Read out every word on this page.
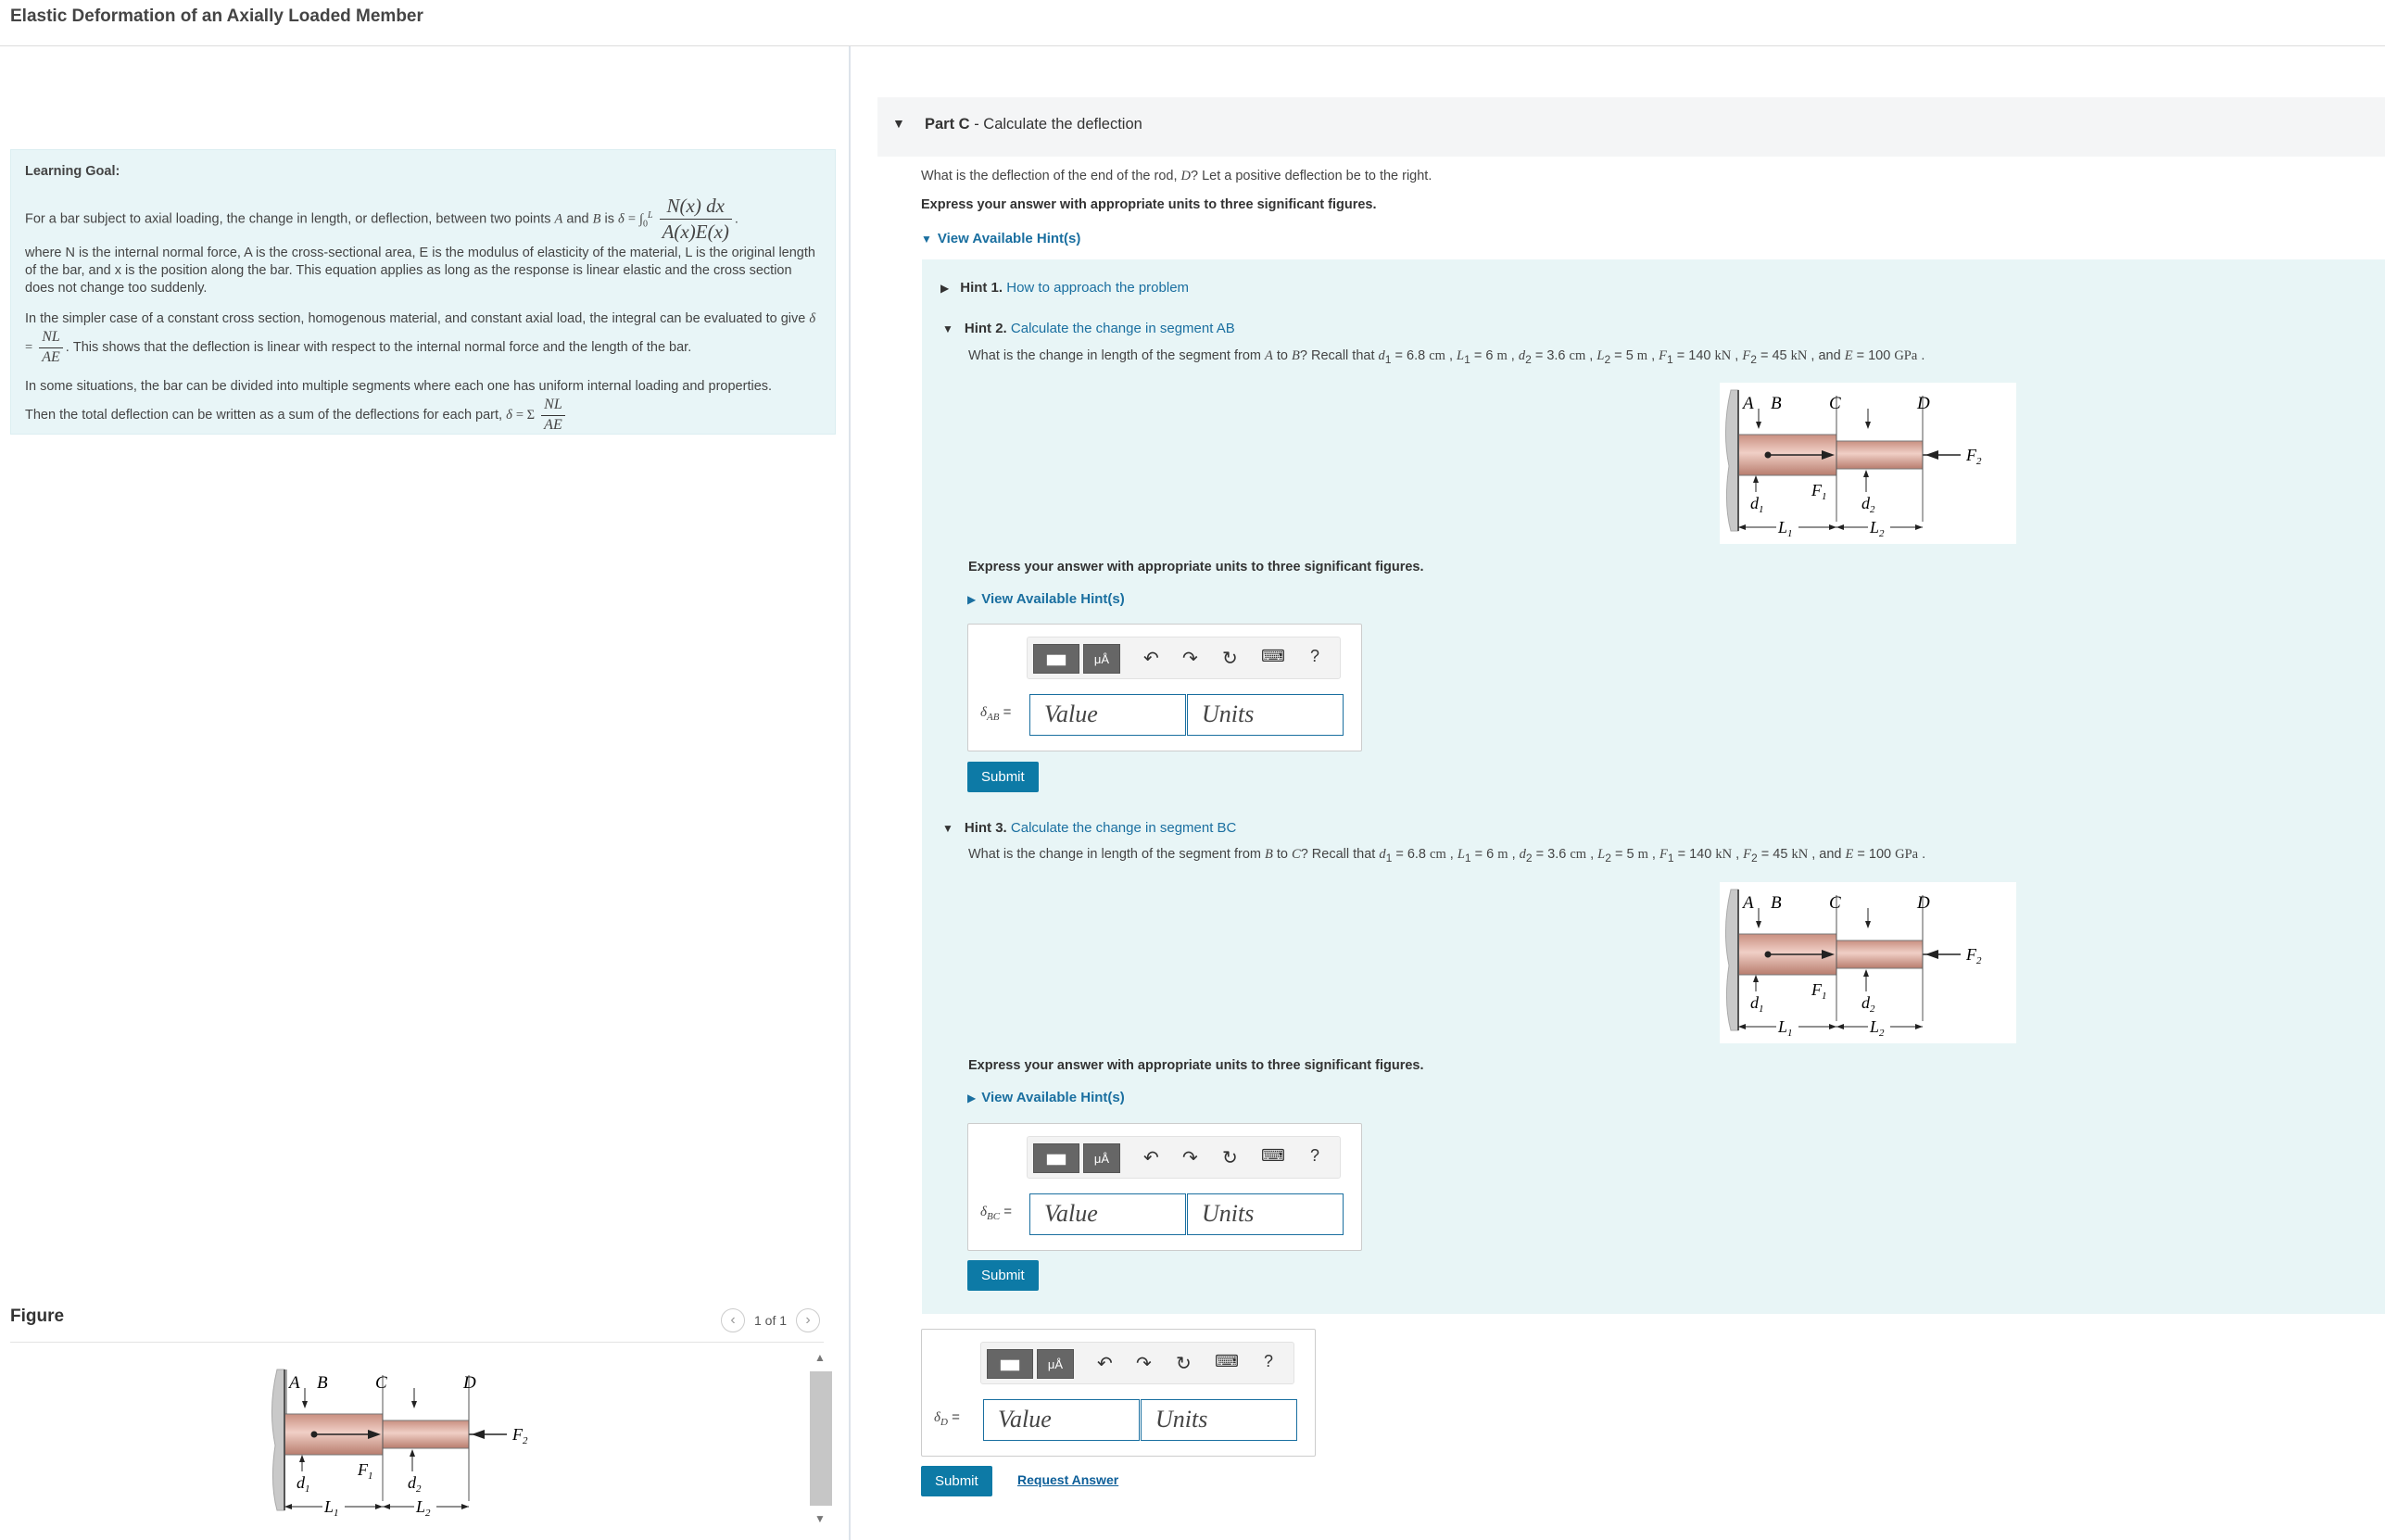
Elastic Deformation of an Axially Loaded Member

Learning Goal:

For a bar subject to axial loading, the change in length, or deflection, between two points A and B is $\delta = \int_0^L \frac{N(x) dx}{A(x)E(x)}$ .

where N is the internal normal force, A is the cross-sectional area, E is the modulus of elasticity of the material, L is the original length of the bar, and x is the position along the bar. This equation applies as long as the response is linear elastic and the cross section does not change too suddenly.

In the simpler case of a constant cross section, homogenous material, and constant axial load, the integral can be evaluated to give $\delta = \frac{NL}{AE}$ . This shows that the deflection is linear with respect to the internal normal force and the length of the bar.

In some situations, the bar can be divided into multiple segments where each one has uniform internal loading and properties.
Then the total deflection can be written as a sum of the deflections for each part, δ = Σ $\frac{NL}{AE}$

Figure	‹	1 of 1	›
▲
▼
A B	C	D
$F_2$
$F_1$
$d_1$	$d_2$
$L_1$	$L_2$
▼ Part C - Calculate the deflection
What is the deflection of the end of the rod, D? Let a positive deflection be to the right.
Express your answer with appropriate units to three significant figures.
▼ View Available Hint(s)
▶ Hint 1. How to approach the problem
▼ Hint 2. Calculate the change in segment AB
What is the change in length of the segment from A to B? Recall that $d_1 = 6.8$ cm , $L_1 = 6$ m , $d_2 = 3.6$ cm , $L_2 = 5$ m , $F_1 = 140$ kN , $F_2 = 45$ kN , and E = 100 GPa .
A B	C	D
$F_2$
$F_1$
$d_1$	$d_2$
$L_1$	$L_2$
Express your answer with appropriate units to three significant figures.
▶ View Available Hint(s)
▆▆	μÅ	↶ ↷ ↻ ⌨ ?
$\delta_{AB}$ = Value	Units
Submit
▼ Hint 3. Calculate the change in segment BC
What is the change in length of the segment from B to C? Recall that $d_1 = 6.8$ cm , $L_1 = 6$ m , $d_2 = 3.6$ cm , $L_2 = 5$ m , $F_1 = 140$ kN , $F_2 = 45$ kN , and E = 100 GPa .
A B	C	D
$F_2$
$F_1$
$d_1$	$d_2$
$L_1$	$L_2$
Express your answer with appropriate units to three significant figures.
▶ View Available Hint(s)
▆▆	μÅ	↶ ↷ ↻ ⌨ ?
$\delta_{BC}$ = Value	Units
Submit
▆▆	μÅ	↶ ↷ ↻ ⌨ ?
$\delta_D$ = Value	Units
Submit	Request Answer
